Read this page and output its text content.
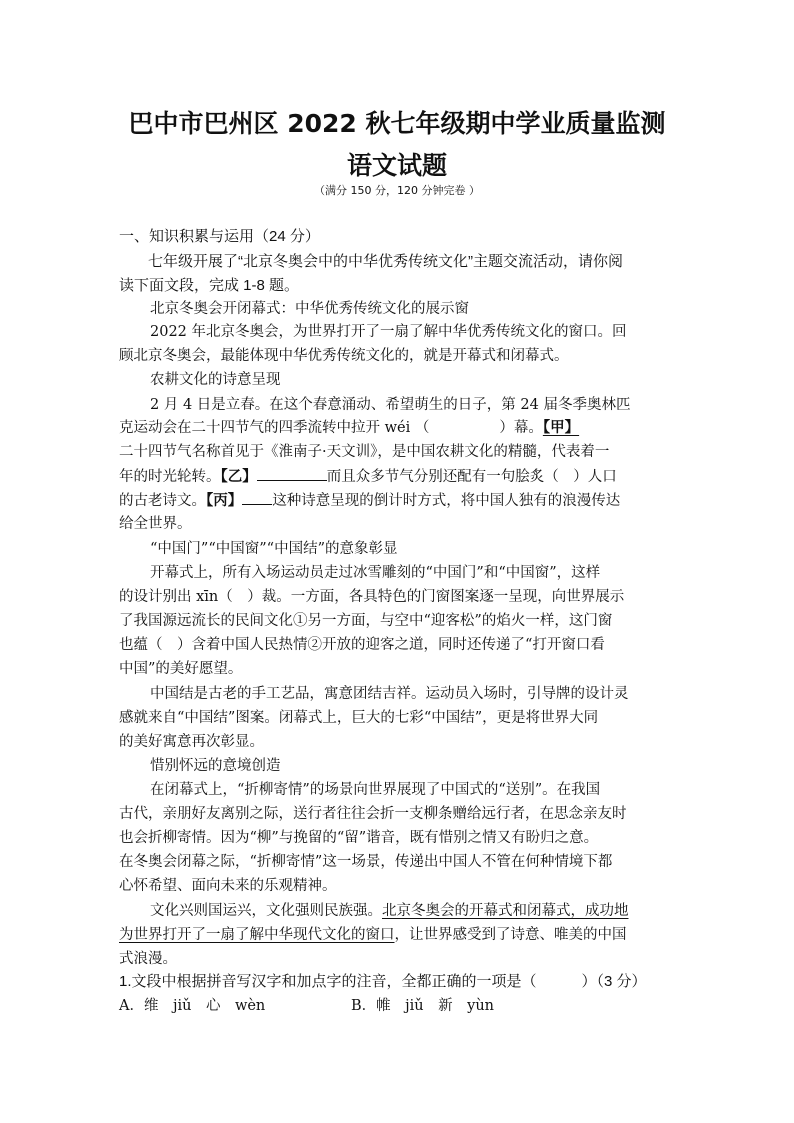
巴中市巴州区 2022 秋七年级期中学业质量监测
语文试题
（满分 150 分，120 分钟完卷 ）
一、知识积累与运用（24 分）
七年级开展了“北京冬奥会中的中华优秀传统文化”主题交流活动，请你阅
读下面文段，完成 1-8 题。
北京冬奥会开闭幕式：中华优秀传统文化的展示窗
2022 年北京冬奥会，为世界打开了一扇了解中华优秀传统文化的窗口。回
顾北京冬奥会，最能体现中华优秀传统文化的，就是开幕式和闭幕式。
农耕文化的诗意呈现
2 月 4 日是立春。在这个春意涌动、希望萌生的日子，第 24 届冬季奥林匹
克运动会在二十四节气的四季流转中拉开 wéi （	）幕。【甲】
二十四节气名称首见于《淮南子·天文训》，是中国农耕文化的精髓，代表着一
年的时光轮转。【乙】	而且众多节气分别还配有一句脍炙（　）人口
的古老诗文。【丙】 这种诗意呈现的倒计时方式，将中国人独有的浪漫传达
给全世界。
“中国门”“中国窗”“中国结”的意象彰显
开幕式上，所有入场运动员走过冰雪雕刻的“中国门”和“中国窗”，这样
的设计别出 xīn（　）裁。一方面，各具特色的门窗图案逐一呈现，向世界展示
了我国源远流长的民间文化①另一方面，与空中“迎客松”的焰火一样，这门窗
也蕴（　）含着中国人民热情②开放的迎客之道，同时还传递了“打开窗口看
中国”的美好愿望。
中国结是古老的手工艺品，寓意团结吉祥。运动员入场时，引导牌的设计灵
感就来自“中国结”图案。闭幕式上，巨大的七彩“中国结”，更是将世界大同
的美好寓意再次彰显。
惜别怀远的意境创造
在闭幕式上，“折柳寄情”的场景向世界展现了中国式的“送别”。在我国
古代，亲朋好友离别之际，送行者往往会折一支柳条赠给远行者，在思念亲友时
也会折柳寄情。因为“柳”与挽留的“留”谐音，既有惜别之情又有盼归之意。
在冬奥会闭幕之际，“折柳寄情”这一场景，传递出中国人不管在何种情境下都
心怀希望、面向未来的乐观精神。
文化兴则国运兴，文化强则民族强。北京冬奥会的开幕式和闭幕式，成功地
为世界打开了一扇了解中华现代文化的窗口，让世界感受到了诗意、唯美的中国
式浪漫。
1.文段中根据拼音写汉字和加点字的注音，全都正确的一项是（　　　）（3 分）
A．维　jiǔ　心　wèn	B．帷　jiǔ　新　yùn
